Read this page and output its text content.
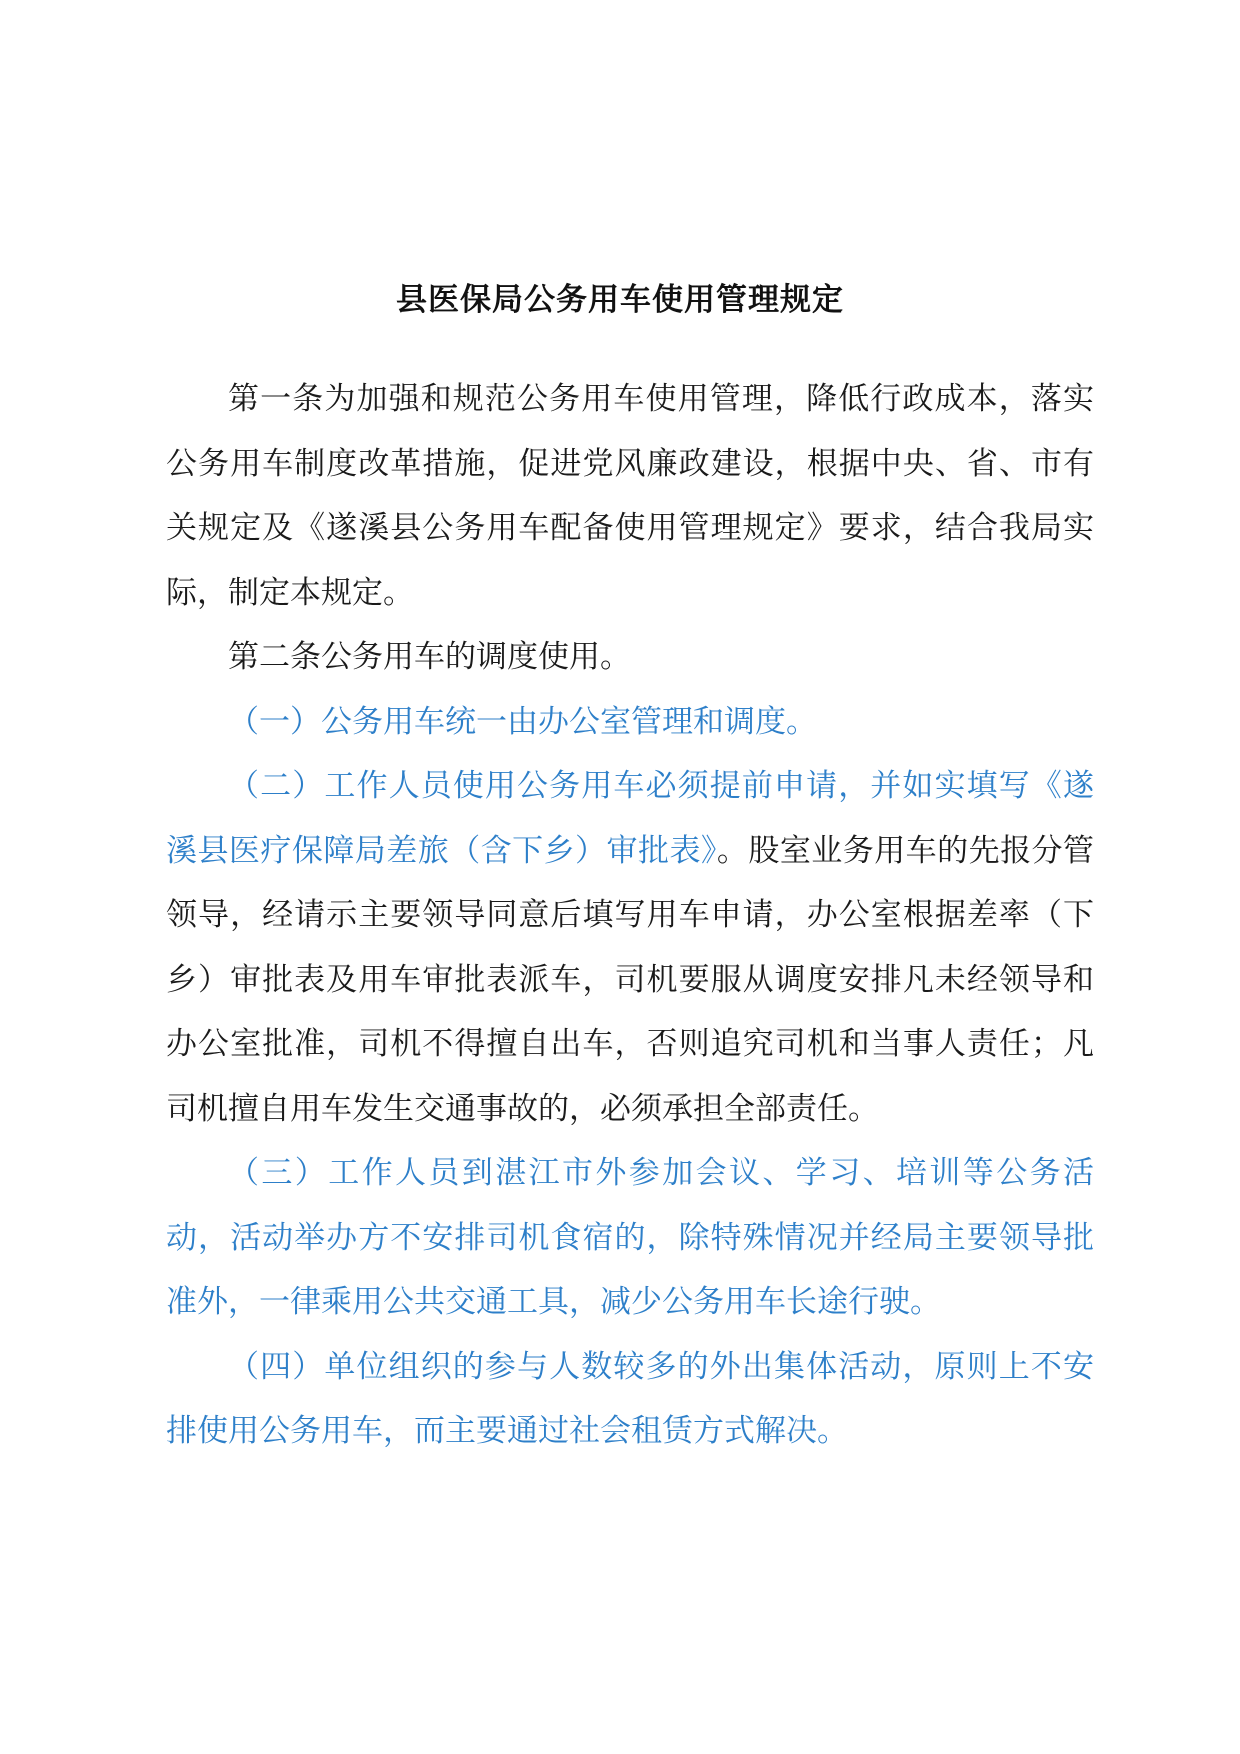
县医保局公务用车使用管理规定

第一条为加强和规范公务用车使用管理，降低行政成本，落实公务用车制度改革措施，促进党风廉政建设，根据中央、省、市有关规定及《遂溪县公务用车配备使用管理规定》要求，结合我局实际，制定本规定。

第二条公务用车的调度使用。

（一）公务用车统一由办公室管理和调度。

（二）工作人员使用公务用车必须提前申请，并如实填写《遂溪县医疗保障局差旅（含下乡）审批表》。股室业务用车的先报分管领导，经请示主要领导同意后填写用车申请，办公室根据差率（下乡）审批表及用车审批表派车，司机要服从调度安排凡未经领导和办公室批准，司机不得擅自出车，否则追究司机和当事人责任；凡司机擅自用车发生交通事故的，必须承担全部责任。

（三）工作人员到湛江市外参加会议、学习、培训等公务活动，活动举办方不安排司机食宿的，除特殊情况并经局主要领导批准外，一律乘用公共交通工具，减少公务用车长途行驶。

（四）单位组织的参与人数较多的外出集体活动，原则上不安排使用公务用车，而主要通过社会租赁方式解决。
